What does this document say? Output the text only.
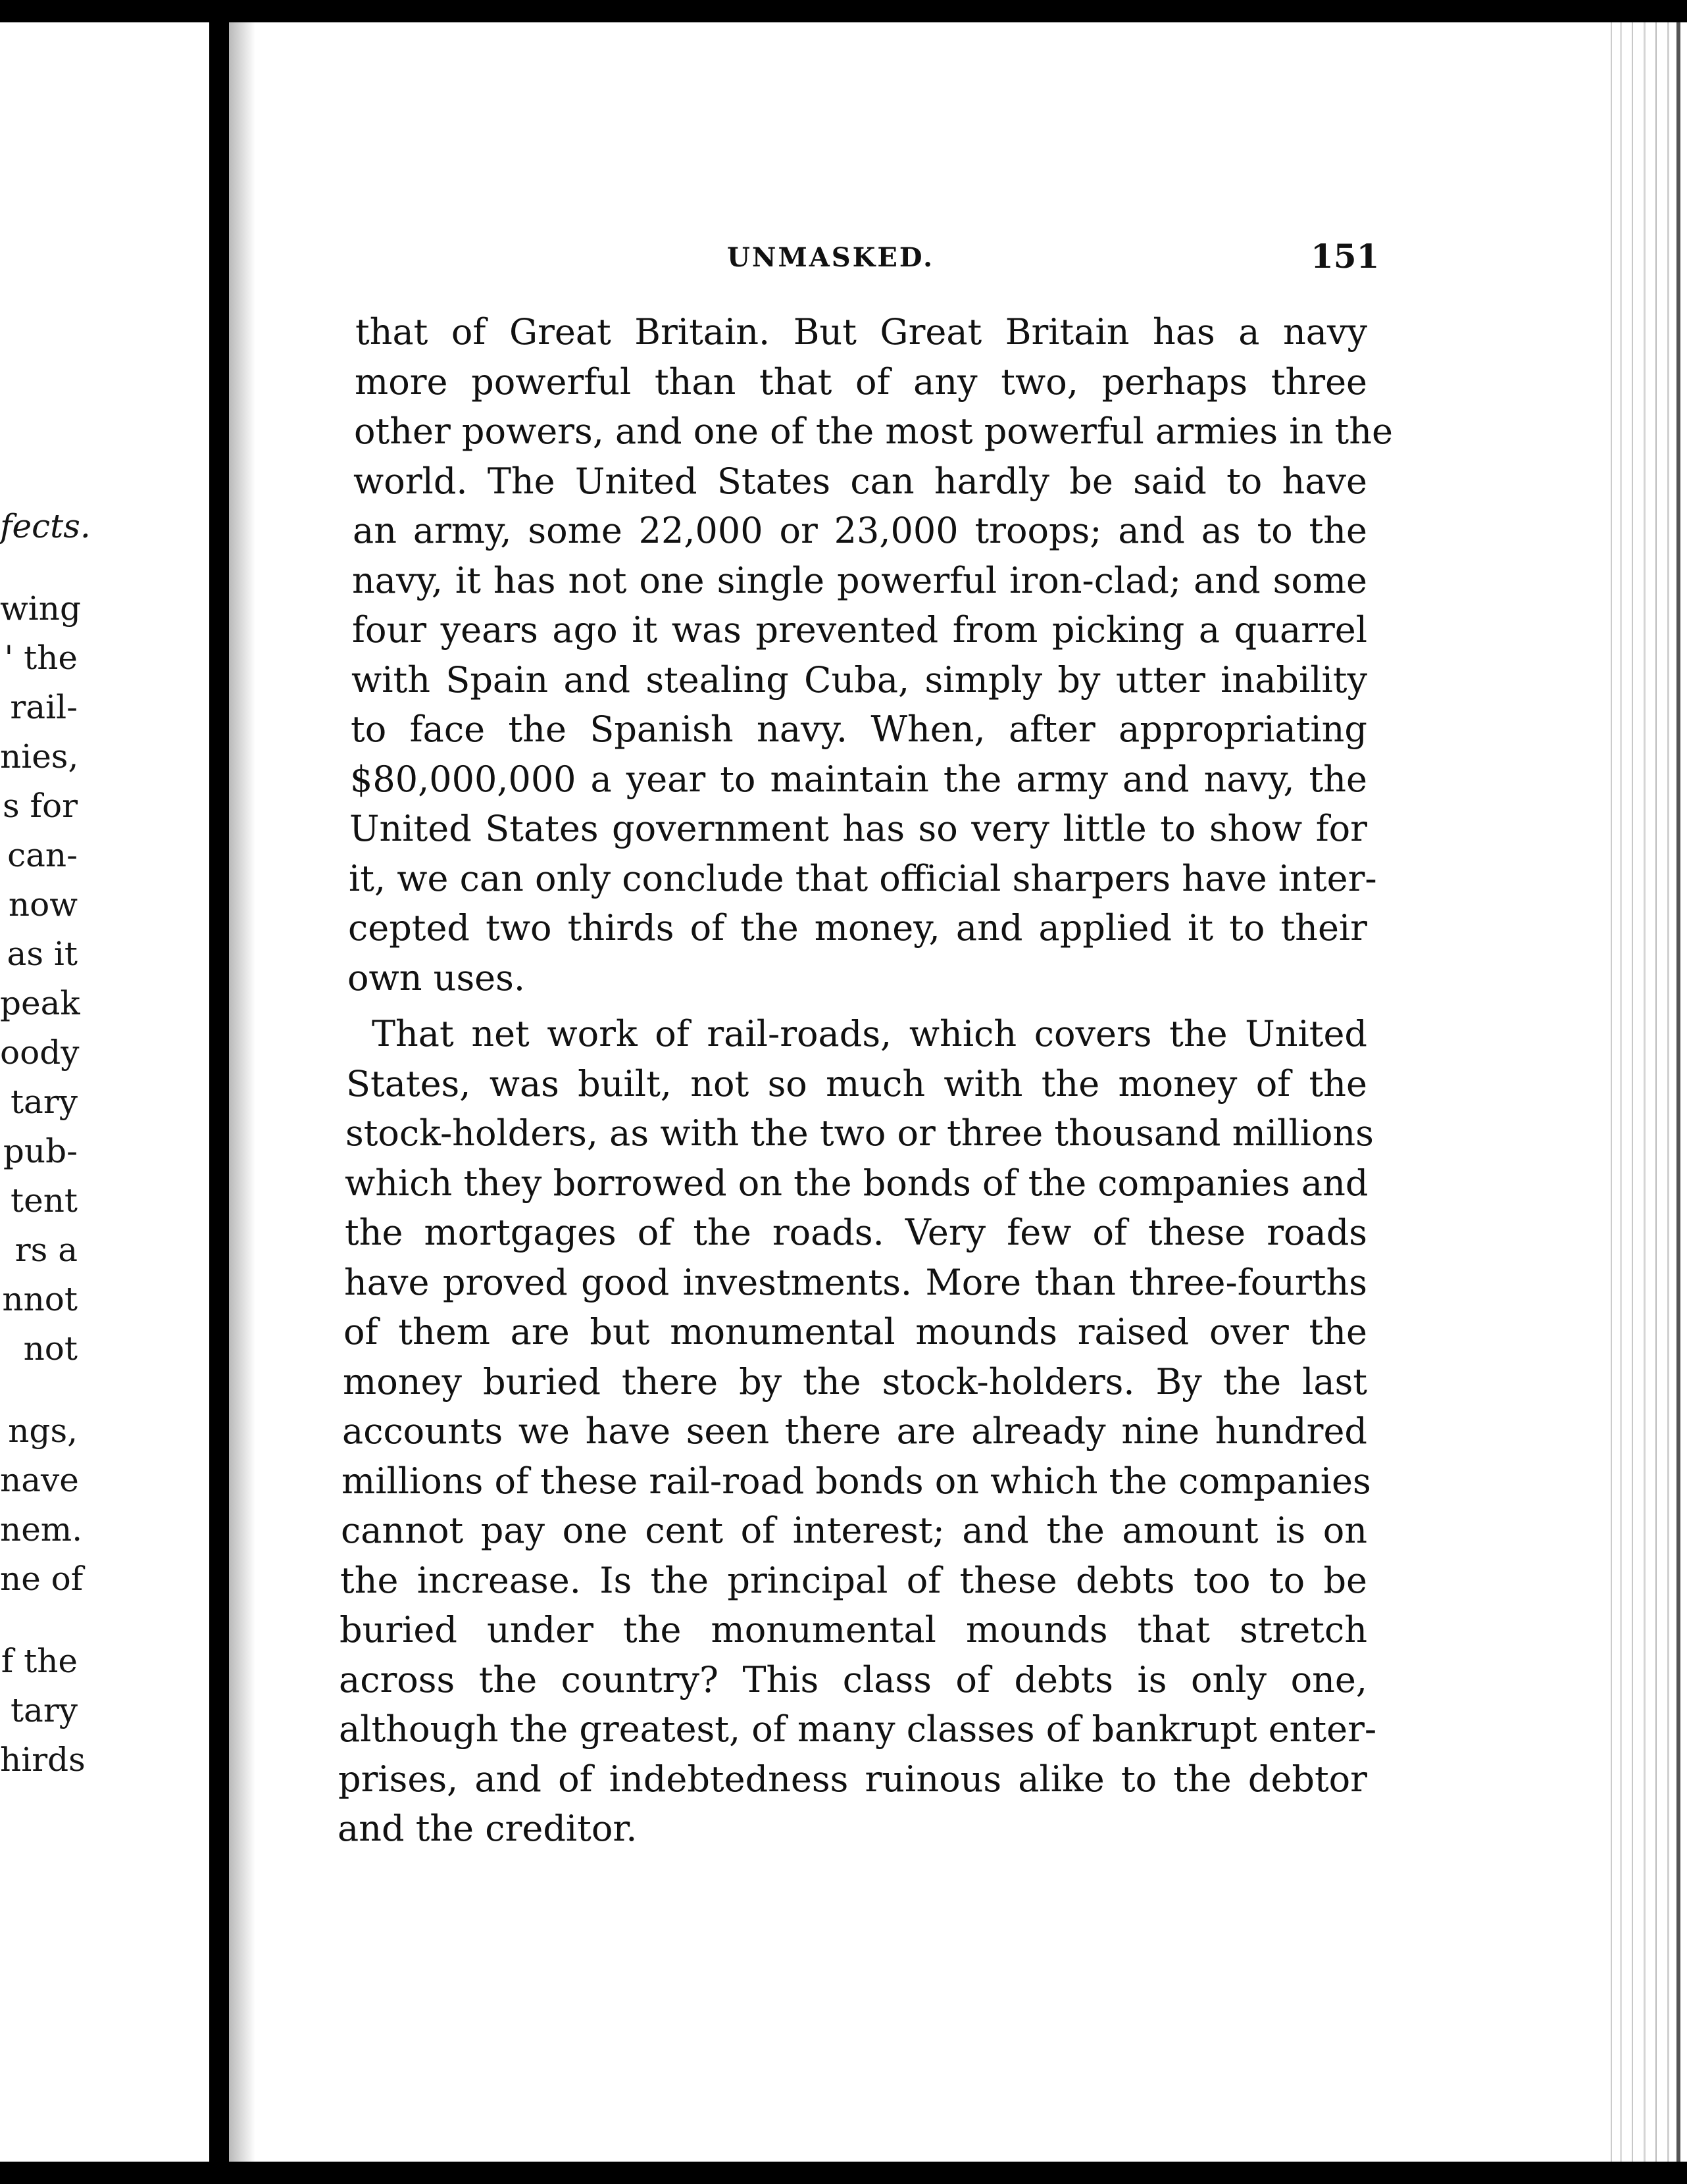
fects.
wing
' the
rail-
nies,
s for
can-
now
as it
peak
oody
tary
pub-
tent
rs a
nnot
not
ngs,
nave
nem.
ne of
f the
tary
hirds
UNMASKED.	151
that of Great Britain. But Great Britain has a navy
more powerful than that of any two, perhaps three
other powers, and one of the most powerful armies in the
world. The United States can hardly be said to have
an army, some 22,000 or 23,000 troops; and as to the
navy, it has not one single powerful iron-clad; and some
four years ago it was prevented from picking a quarrel
with Spain and stealing Cuba, simply by utter inability
to face the Spanish navy. When, after appropriating
$80,000,000 a year to maintain the army and navy, the
United States government has so very little to show for
it, we can only conclude that official sharpers have inter-
cepted two thirds of the money, and applied it to their
own uses.
That net work of rail-roads, which covers the United
States, was built, not so much with the money of the
stock-holders, as with the two or three thousand millions
which they borrowed on the bonds of the companies and
the mortgages of the roads. Very few of these roads
have proved good investments. More than three-fourths
of them are but monumental mounds raised over the
money buried there by the stock-holders. By the last
accounts we have seen there are already nine hundred
millions of these rail-road bonds on which the companies
cannot pay one cent of interest; and the amount is on
the increase. Is the principal of these debts too to be
buried under the monumental mounds that stretch
across the country? This class of debts is only one,
although the greatest, of many classes of bankrupt enter-
prises, and of indebtedness ruinous alike to the debtor
and the creditor.
